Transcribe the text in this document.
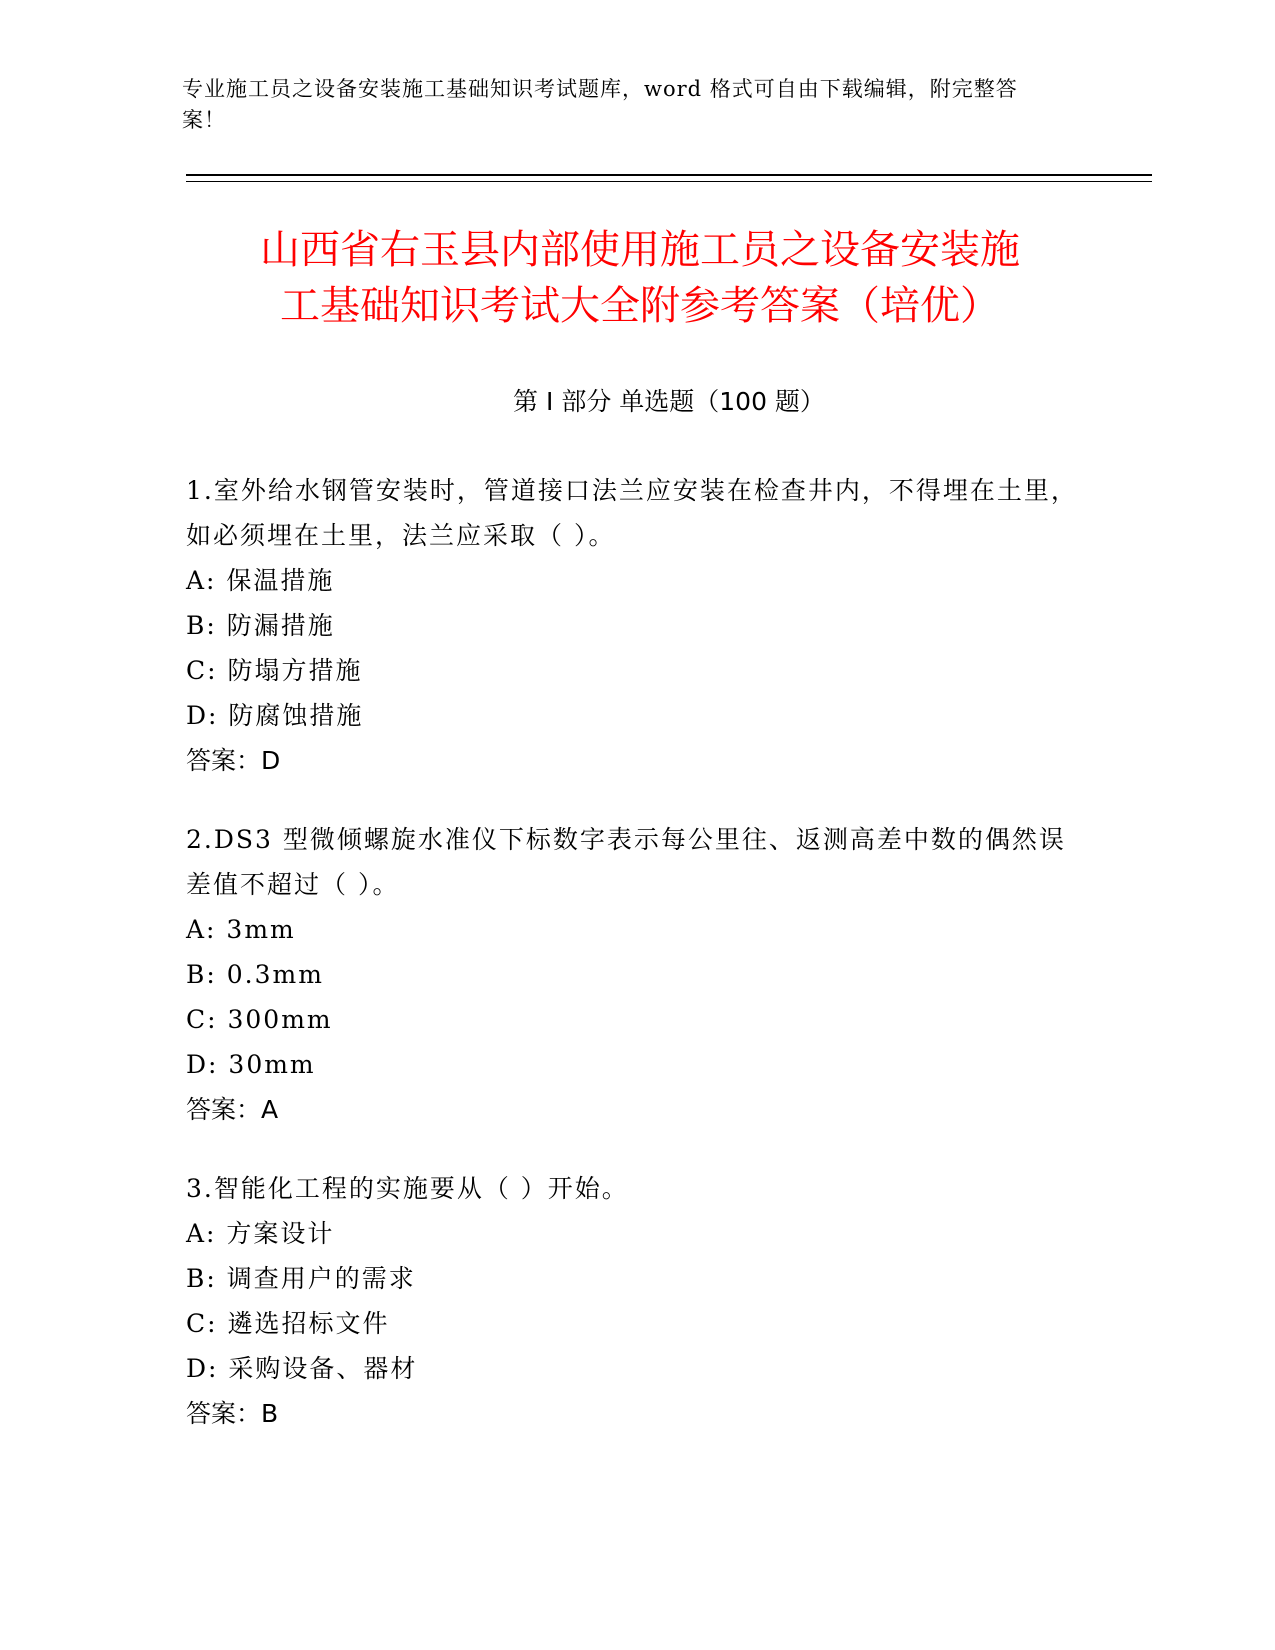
专业施工员之设备安装施工基础知识考试题库，word 格式可自由下载编辑，附完整答案！
山西省右玉县内部使用施工员之设备安装施
工基础知识考试大全附参考答案（培优）
第 I 部分 单选题（100 题）

1.室外给水钢管安装时，管道接口法兰应安装在检查井内，不得埋在土里，如必须埋在土里，法兰应采取（ ）。

A: 保温措施

B: 防漏措施

C: 防塌方措施

D: 防腐蚀措施

答案：D

2.DS3 型微倾螺旋水准仪下标数字表示每公里往、返测高差中数的偶然误差值不超过（ ）。

A: 3mm

B: 0.3mm

C: 300mm

D: 30mm

答案：A

3.智能化工程的实施要从（ ）开始。

A: 方案设计

B: 调查用户的需求

C: 遴选招标文件

D: 采购设备、器材

答案：B
